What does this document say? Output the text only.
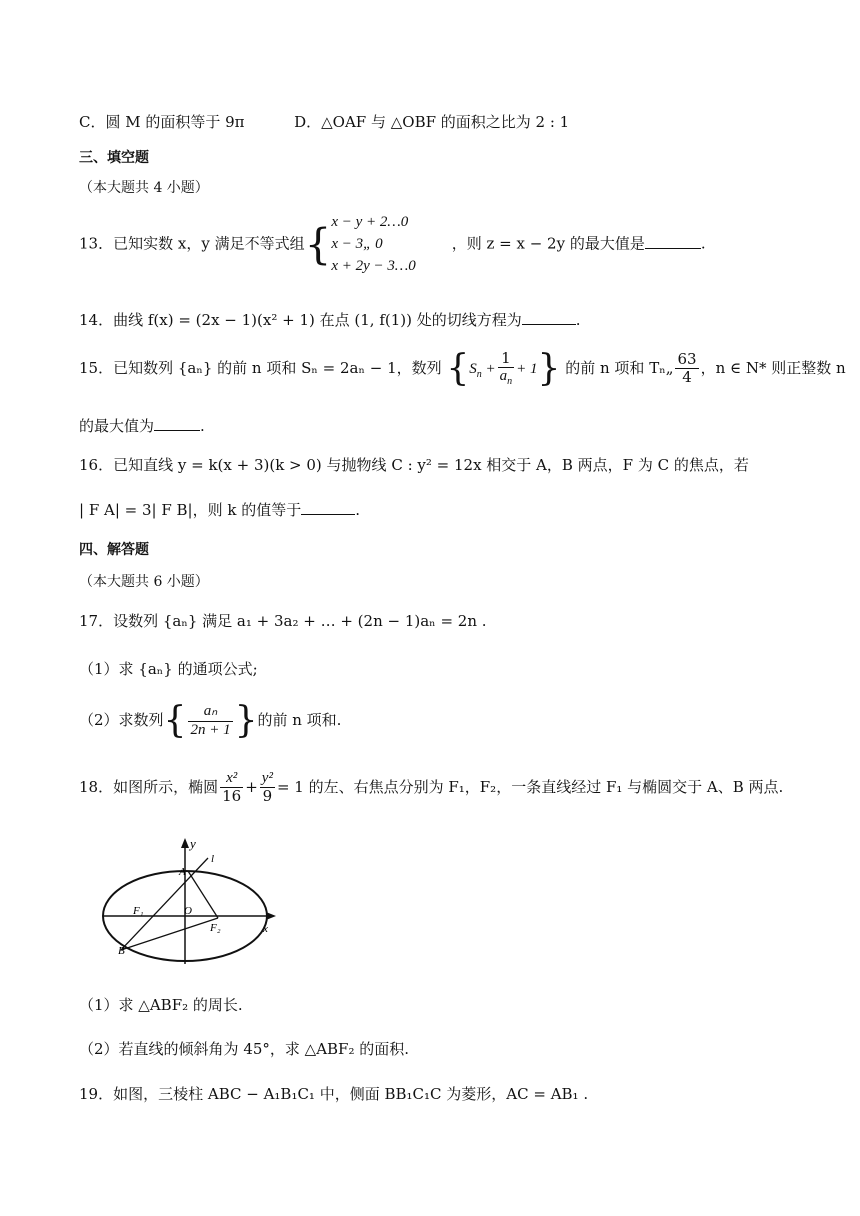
C．圆 M 的面积等于 9π	D．△OAF 与 △OBF 的面积之比为 2 : 1
三、填空题
（本大题共 4 小题）
13．已知实数 x，y 满足不等式组{ x − y + 2…0
x − 3„ 0
x + 2y − 3…0
，则 z = x − 2y 的最大值是	.
14．曲线 f(x) = (2x − 1)(x² + 1) 在点 (1, f(1)) 处的切线方程为	.
15．已知数列 {aₙ} 的前 n 项和 Sₙ = 2aₙ − 1，数列 $\{S_n + \frac{1}{a_n} + 1\}$ 的前 n 项和 Tₙ„ $\frac{63}{4}$ ，n ∈ N* 则正整数 n
的最大值为	.
16．已知直线 y = k(x + 3)(k > 0) 与抛物线 C : y² = 12x 相交于 A，B 两点，F 为 C 的焦点，若
| F A| = 3| F B|，则 k 的值等于	.
四、解答题
（本大题共 6 小题）
17．设数列 {aₙ} 满足 a₁ + 3a₂ + … + (2n − 1)aₙ = 2n .
（1）求 {aₙ} 的通项公式;
（2）求数列{ $\frac{\text{aₙ}}{2n + 1}$ }的前 n 项和.
18．如图所示，椭圆 $\frac{\text{x²}}{16} + \frac{\text{y²}}{9} = 1$ 的左、右焦点分别为 F₁，F₂，一条直线经过 F₁ 与椭圆交于 A、B 两点.
y
l
A
F₁	O
F₂	x
B
（1）求 △ABF₂ 的周长.
（2）若直线的倾斜角为 45°，求 △ABF₂ 的面积.
19．如图，三棱柱 ABC − A₁B₁C₁ 中，侧面 BB₁C₁C 为菱形，AC = AB₁ .
